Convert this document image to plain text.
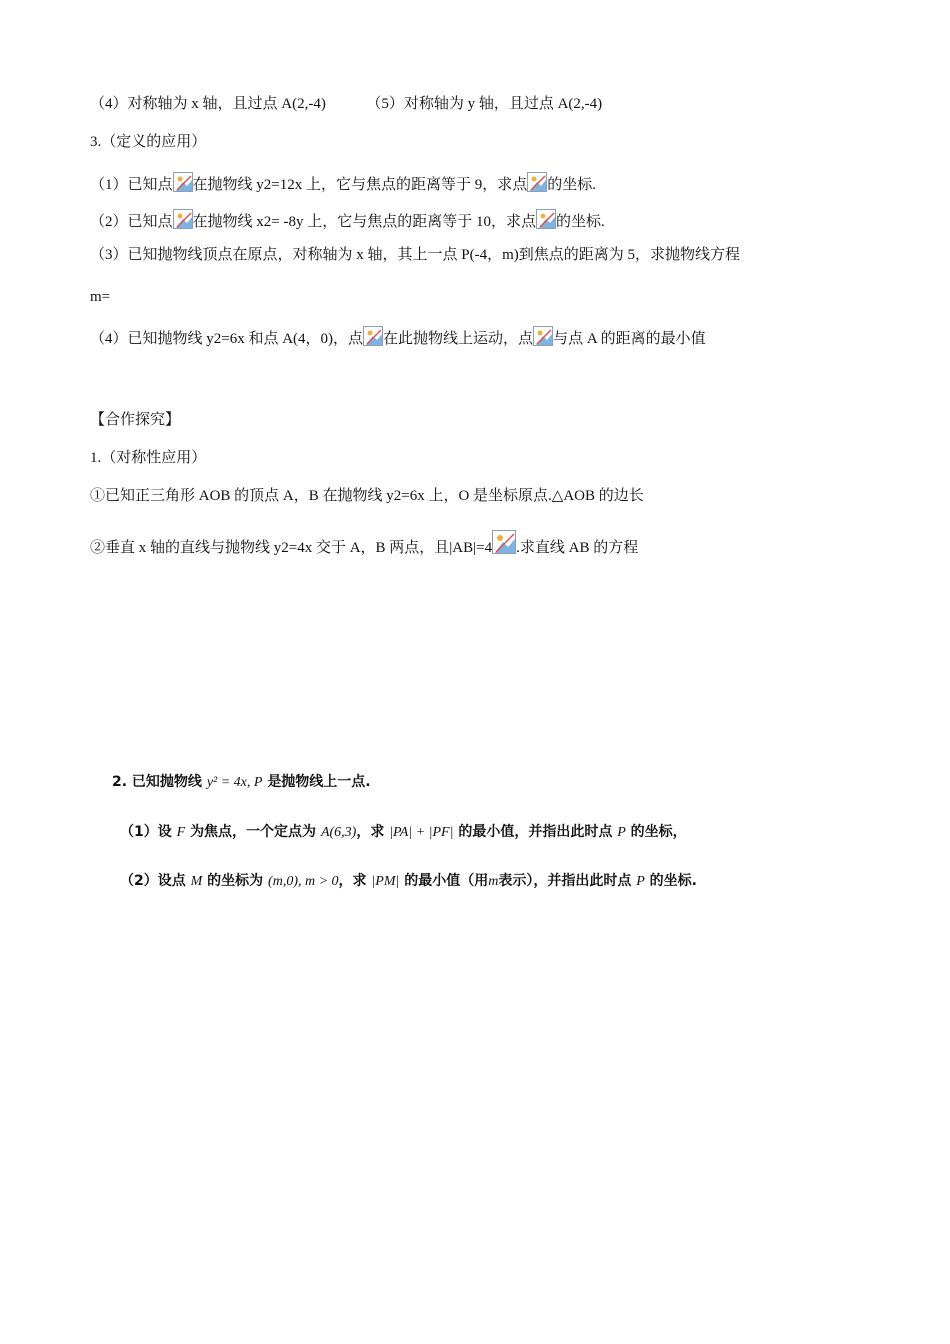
（4）对称轴为 x 轴，且过点 A(2,-4)	（5）对称轴为 y 轴，且过点 A(2,-4)
3.（定义的应用）
（1）已知点 在抛物线 y2=12x 上，它与焦点的距离等于 9，求点 的坐标.
（2）已知点 在抛物线 x2= -8y 上，它与焦点的距离等于 10，求点 的坐标.
（3）已知抛物线顶点在原点，对称轴为 x 轴，其上一点 P(-4，m)到焦点的距离为 5，求抛物线方程
m=
（4）已知抛物线 y2=6x 和点 A(4，0)，点 在此抛物线上运动，点 与点 A 的距离的最小值
【合作探究】
1.（对称性应用）
①已知正三角形 AOB 的顶点 A，B 在抛物线 y2=6x 上，O 是坐标原点.△AOB 的边长
②垂直 x 轴的直线与抛物线 y2=4x 交于 A，B 两点，且|AB|=4 .求直线 AB 的方程
2. 已知抛物线 y² = 4x, P 是抛物线上一点.
（1）设 F 为焦点，一个定点为 A(6,3)，求 |PA| + |PF| 的最小值，并指出此时点 P 的坐标，
（2）设点 M 的坐标为 (m,0), m > 0，求 |PM| 的最小值（用m表示），并指出此时点 P 的坐标.
